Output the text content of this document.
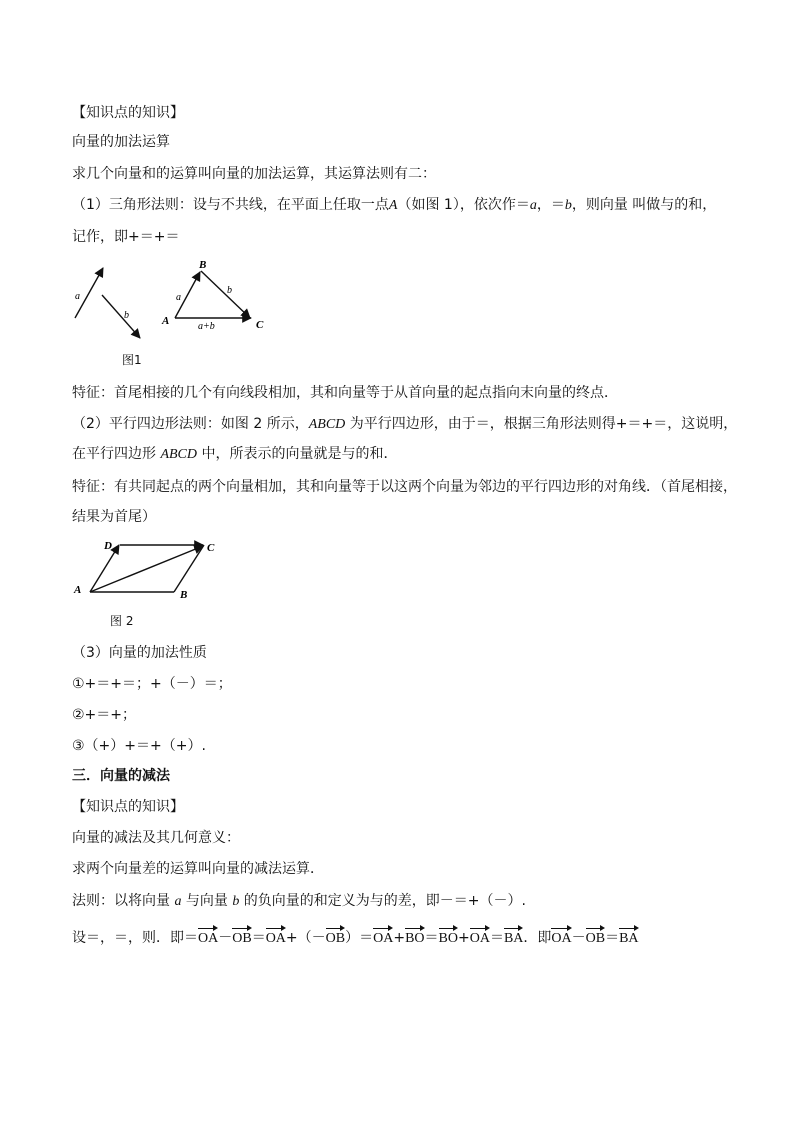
【知识点的知识】
向量的加法运算
求几个向量和的运算叫向量的加法运算，其运算法则有二：
（1）三角形法则：设与不共线，在平面上任取一点A（如图 1），依次作＝a，＝b，则向量 叫做与的和，
记作，即+＝+＝
a
b
B
A	C
a
b
a+b
图1
特征：首尾相接的几个有向线段相加，其和向量等于从首向量的起点指向末向量的终点．
（2）平行四边形法则：如图 2 所示，ABCD 为平行四边形，由于＝，根据三角形法则得+＝+＝，这说明，
在平行四边形 ABCD 中，所表示的向量就是与的和．
特征：有共同起点的两个向量相加，其和向量等于以这两个向量为邻边的平行四边形的对角线．（首尾相接，
结果为首尾）
D	C
A	B
图 2
（3）向量的加法性质
①+＝+＝；+（－）＝；
②+＝+；
③（+）+＝+（+）.
三．向量的减法
【知识点的知识】
向量的减法及其几何意义：
求两个向量差的运算叫向量的减法运算．
法则：以将向量 a 与向量 b 的负向量的和定义为与的差，即－＝+（－）.
设＝，＝，则．即＝OA－OB＝OA+（－OB）＝OA+BO＝BO+OA＝BA．即OA－OB＝BA
